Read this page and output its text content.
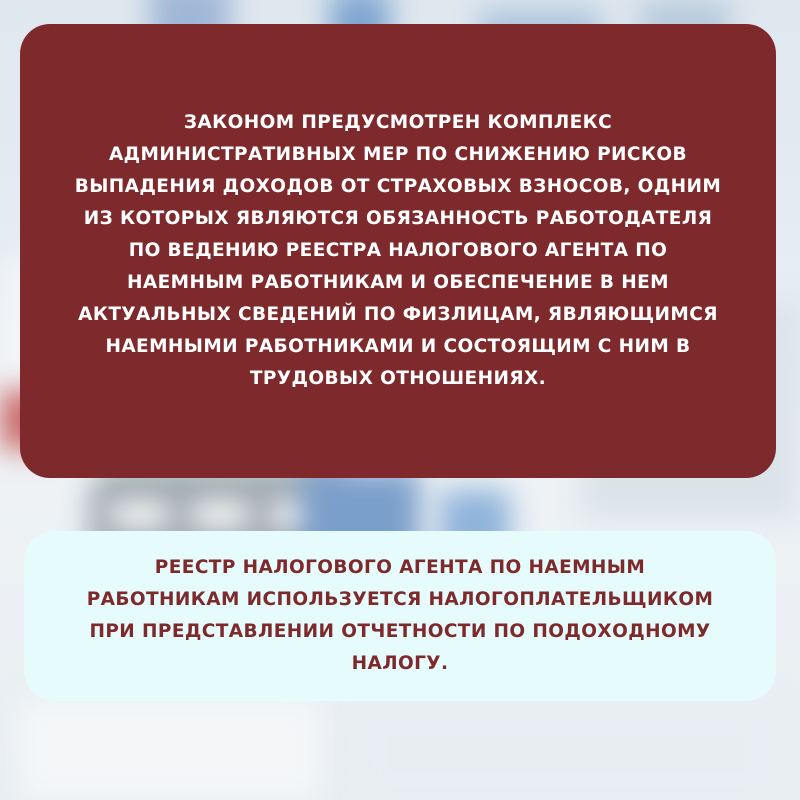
ЗАКОНОМ ПРЕДУСМОТРЕН КОМПЛЕКС АДМИНИСТРАТИВНЫХ МЕР ПО СНИЖЕНИЮ РИСКОВ ВЫПАДЕНИЯ ДОХОДОВ ОТ СТРАХОВЫХ ВЗНОСОВ, ОДНИМ ИЗ КОТОРЫХ ЯВЛЯЮТСЯ ОБЯЗАННОСТЬ РАБОТОДАТЕЛЯ ПО ВЕДЕНИЮ РЕЕСТРА НАЛОГОВОГО АГЕНТА ПО НАЕМНЫМ РАБОТНИКАМ И ОБЕСПЕЧЕНИЕ В НЕМ АКТУАЛЬНЫХ СВЕДЕНИЙ ПО ФИЗЛИЦАМ, ЯВЛЯЮЩИМСЯ НАЕМНЫМИ РАБОТНИКАМИ И СОСТОЯЩИМ С НИМ В ТРУДОВЫХ ОТНОШЕНИЯХ.

РЕЕСТР НАЛОГОВОГО АГЕНТА ПО НАЕМНЫМ РАБОТНИКАМ ИСПОЛЬЗУЕТСЯ НАЛОГОПЛАТЕЛЬЩИКОМ ПРИ ПРЕДСТАВЛЕНИИ ОТЧЕТНОСТИ ПО ПОДОХОДНОМУ НАЛОГУ.
